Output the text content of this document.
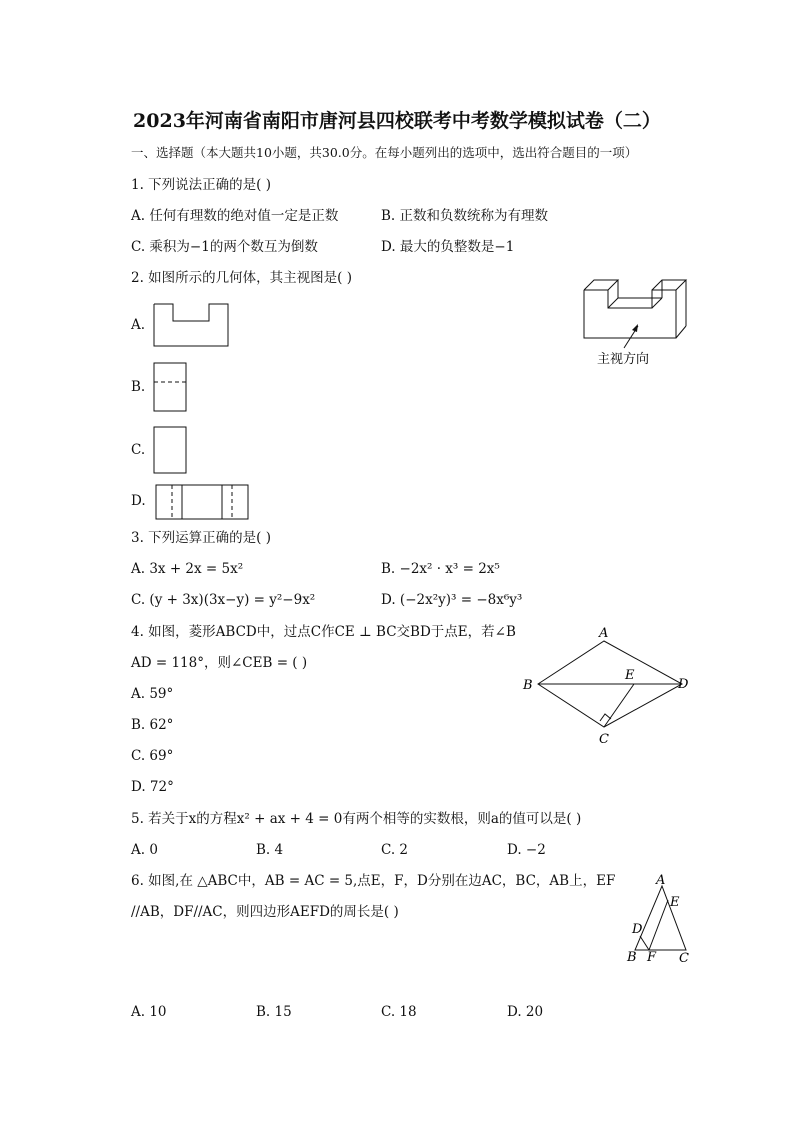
2023年河南省南阳市唐河县四校联考中考数学模拟试卷（二）
一、选择题（本大题共10小题，共30.0分。在每小题列出的选项中，选出符合题目的一项）
1. 下列说法正确的是( )
A. 任何有理数的绝对值一定是正数	B. 正数和负数统称为有理数
C. 乘积为−1的两个数互为倒数	D. 最大的负整数是−1
2. 如图所示的几何体，其主视图是( )
主视方向
A.
B.
C.
D.
3. 下列运算正确的是( )
A. 3x + 2x = 5x²	B. −2x² · x³ = 2x⁵
C. (y + 3x)(3x−y) = y²−9x²	D. (−2x²y)³ = −8x⁶y³
4. 如图，菱形ABCD中，过点C作CE ⊥ BC交BD于点E，若∠B
AD = 118°，则∠CEB = ( )
A
B	D
E
C
A. 59°
B. 62°
C. 69°
D. 72°
5. 若关于x的方程x² + ax + 4 = 0有两个相等的实数根，则a的值可以是( )
A. 0	B. 4	C. 2	D. −2
6. 如图,在 △ABC中，AB = AC = 5,点E，F，D分别在边AC，BC，AB上，EF
//AB，DF//AC，则四边形AEFD的周长是( )
A
E
D
B F C
A. 10	B. 15	C. 18	D. 20
